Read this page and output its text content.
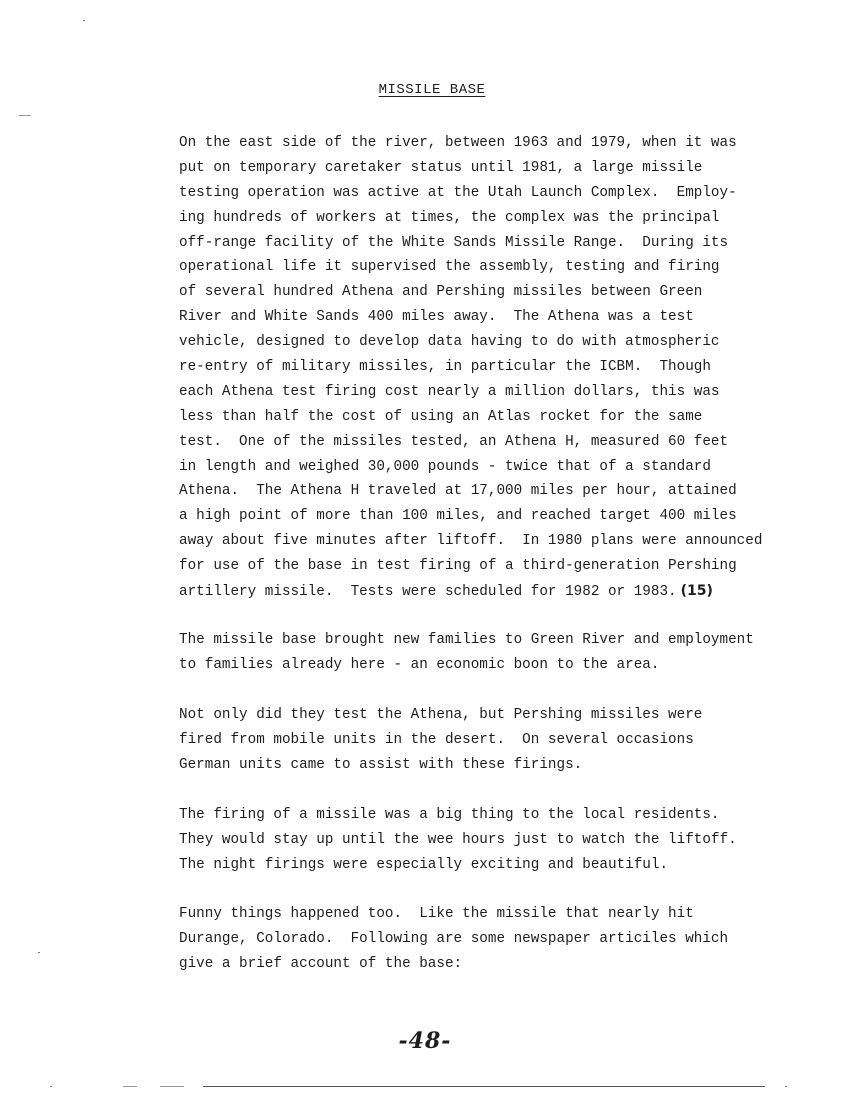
MISSILE BASE
On the east side of the river, between 1963 and 1979, when it was
put on temporary caretaker status until 1981, a large missile
testing operation was active at the Utah Launch Complex.  Employ-
ing hundreds of workers at times, the complex was the principal
off-range facility of the White Sands Missile Range.  During its
operational life it supervised the assembly, testing and firing
of several hundred Athena and Pershing missiles between Green
River and White Sands 400 miles away.  The Athena was a test
vehicle, designed to develop data having to do with atmospheric
re-entry of military missiles, in particular the ICBM.  Though
each Athena test firing cost nearly a million dollars, this was
less than half the cost of using an Atlas rocket for the same
test.  One of the missiles tested, an Athena H, measured 60 feet
in length and weighed 30,000 pounds - twice that of a standard
Athena.  The Athena H traveled at 17,000 miles per hour, attained
a high point of more than 100 miles, and reached target 400 miles
away about five minutes after liftoff.  In 1980 plans were announced
for use of the base in test firing of a third-generation Pershing
artillery missile.  Tests were scheduled for 1982 or 1983. (15)
The missile base brought new families to Green River and employment
to families already here - an economic boon to the area.
Not only did they test the Athena, but Pershing missiles were
fired from mobile units in the desert.  On several occasions
German units came to assist with these firings.
The firing of a missile was a big thing to the local residents.
They would stay up until the wee hours just to watch the liftoff.
The night firings were especially exciting and beautiful.
Funny things happened too.  Like the missile that nearly hit
Durange, Colorado.  Following are some newspaper articiles which
give a brief account of the base:
-48-
